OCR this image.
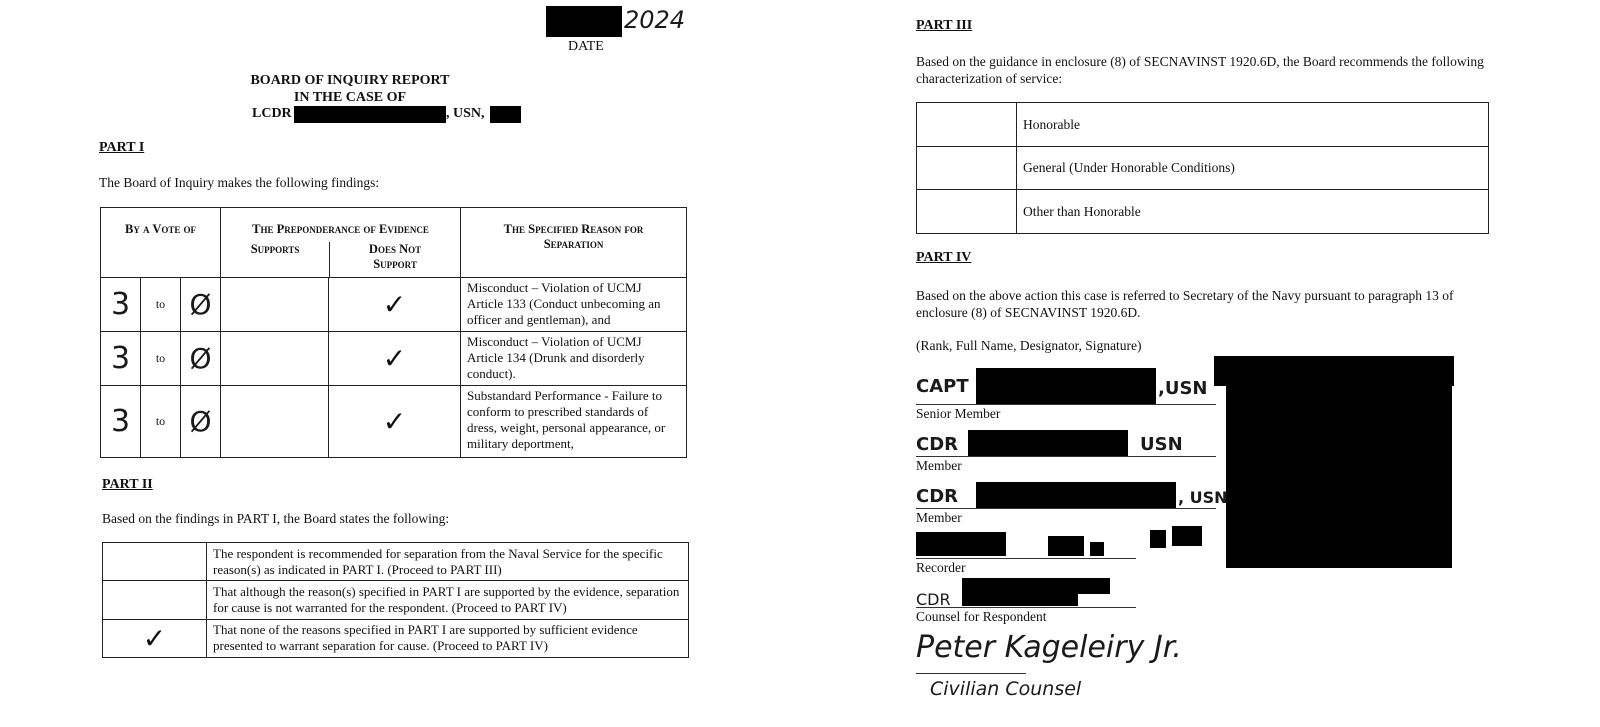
2024
DATE
BOARD OF INQUIRY REPORT
IN THE CASE OF
LCDR	, USN,
PART I
The Board of Inquiry makes the following findings:
By a Vote of			The Preponderance of Evidence
Supports Does Not Support		The Specified Reason for Separation
3	to	Ø		✓	Misconduct – Violation of UCMJ Article 133 (Conduct unbecoming an officer and gentleman), and
3	to	Ø		✓	Misconduct – Violation of UCMJ Article 134 (Drunk and disorderly conduct).
3	to	Ø		✓	Substandard Performance - Failure to conform to prescribed standards of dress, weight, personal appearance, or military deportment,
PART II
Based on the findings in PART I, the Board states the following:
	The respondent is recommended for separation from the Naval Service for the specific reason(s) as indicated in PART I. (Proceed to PART III)
	That although the reason(s) specified in PART I are supported by the evidence, separation for cause is not warranted for the respondent. (Proceed to PART IV)
✓	That none of the reasons specified in PART I are supported by sufficient evidence presented to warrant separation for cause. (Proceed to PART IV)
PART III
Based on the guidance in enclosure (8) of SECNAVINST 1920.6D, the Board recommends the following characterization of service:
	Honorable
	General (Under Honorable Conditions)
	Other than Honorable
PART IV
Based on the above action this case is referred to Secretary of the Navy pursuant to paragraph 13 of enclosure (8) of SECNAVINST 1920.6D.
(Rank, Full Name, Designator, Signature)
CAPT	,USN
Senior Member
CDR	USN
Member
CDR	, USN
Member
Recorder
CDR
Counsel for Respondent
Peter Kageleiry Jr.
Civilian Counsel
